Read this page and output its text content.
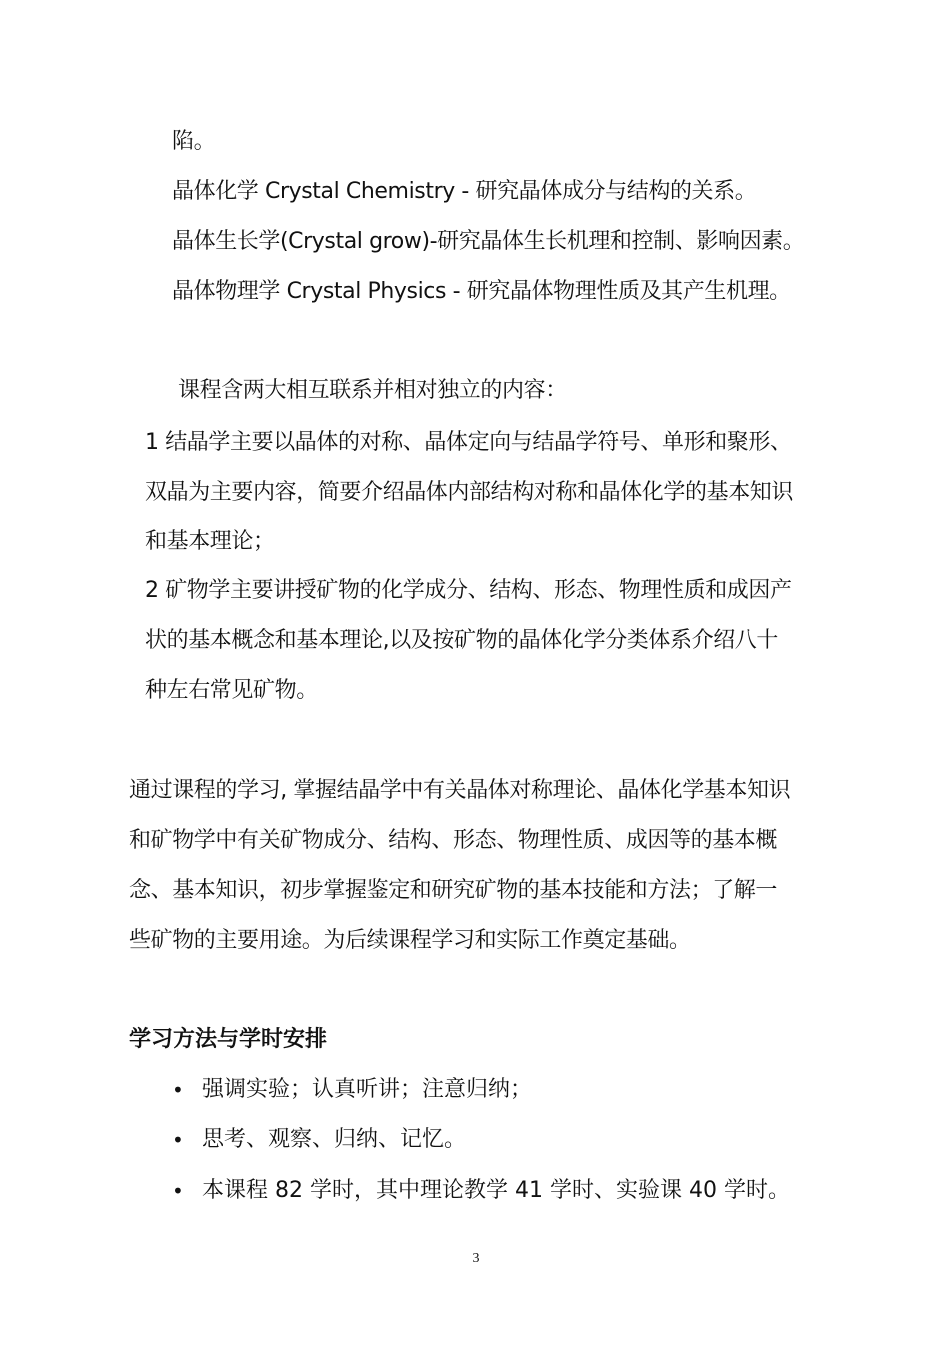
陷。
晶体化学 Crystal Chemistry - 研究晶体成分与结构的关系。
晶体生长学(Crystal grow)-研究晶体生长机理和控制、影响因素。
晶体物理学 Crystal Physics - 研究晶体物理性质及其产生机理。
课程含两大相互联系并相对独立的内容：
1 结晶学主要以晶体的对称、晶体定向与结晶学符号、单形和聚形、
双晶为主要内容，简要介绍晶体内部结构对称和晶体化学的基本知识
和基本理论；
2 矿物学主要讲授矿物的化学成分、结构、形态、物理性质和成因产
状的基本概念和基本理论,以及按矿物的晶体化学分类体系介绍八十
种左右常见矿物。
通过课程的学习, 掌握结晶学中有关晶体对称理论、晶体化学基本知识
和矿物学中有关矿物成分、结构、形态、物理性质、成因等的基本概
念、基本知识，初步掌握鉴定和研究矿物的基本技能和方法；了解一
些矿物的主要用途。为后续课程学习和实际工作奠定基础。
学习方法与学时安排
• 强调实验；认真听讲；注意归纳；
• 思考、观察、归纳、记忆。
• 本课程 82 学时，其中理论教学 41 学时、实验课 40 学时。
3
